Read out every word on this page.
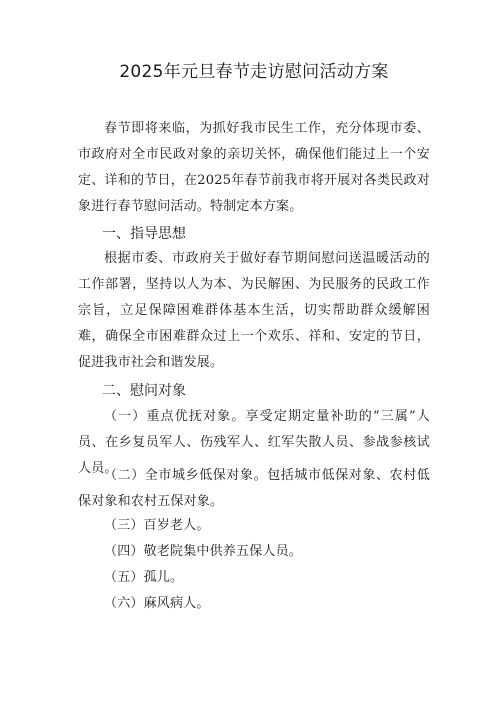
2025年元旦春节走访慰问活动方案

春节即将来临，为抓好我市民生工作，充分体现市委、市政府对全市民政对象的亲切关怀，确保他们能过上一个安定、详和的节日，在2025年春节前我市将开展对各类民政对象进行春节慰问活动。特制定本方案。

一、指导思想

根据市委、市政府关于做好春节期间慰问送温暖活动的工作部署，坚持以人为本、为民解困、为民服务的民政工作宗旨，立足保障困难群体基本生活，切实帮助群众缓解困难，确保全市困难群众过上一个欢乐、祥和、安定的节日，促进我市社会和谐发展。

二、慰问对象

（一）重点优抚对象。享受定期定量补助的“三属”人员、在乡复员军人、伤残军人、红军失散人员、参战参核试人员。

（二）全市城乡低保对象。包括城市低保对象、农村低保对象和农村五保对象。

（三）百岁老人。

（四）敬老院集中供养五保人员。

（五）孤儿。

（六）麻风病人。
